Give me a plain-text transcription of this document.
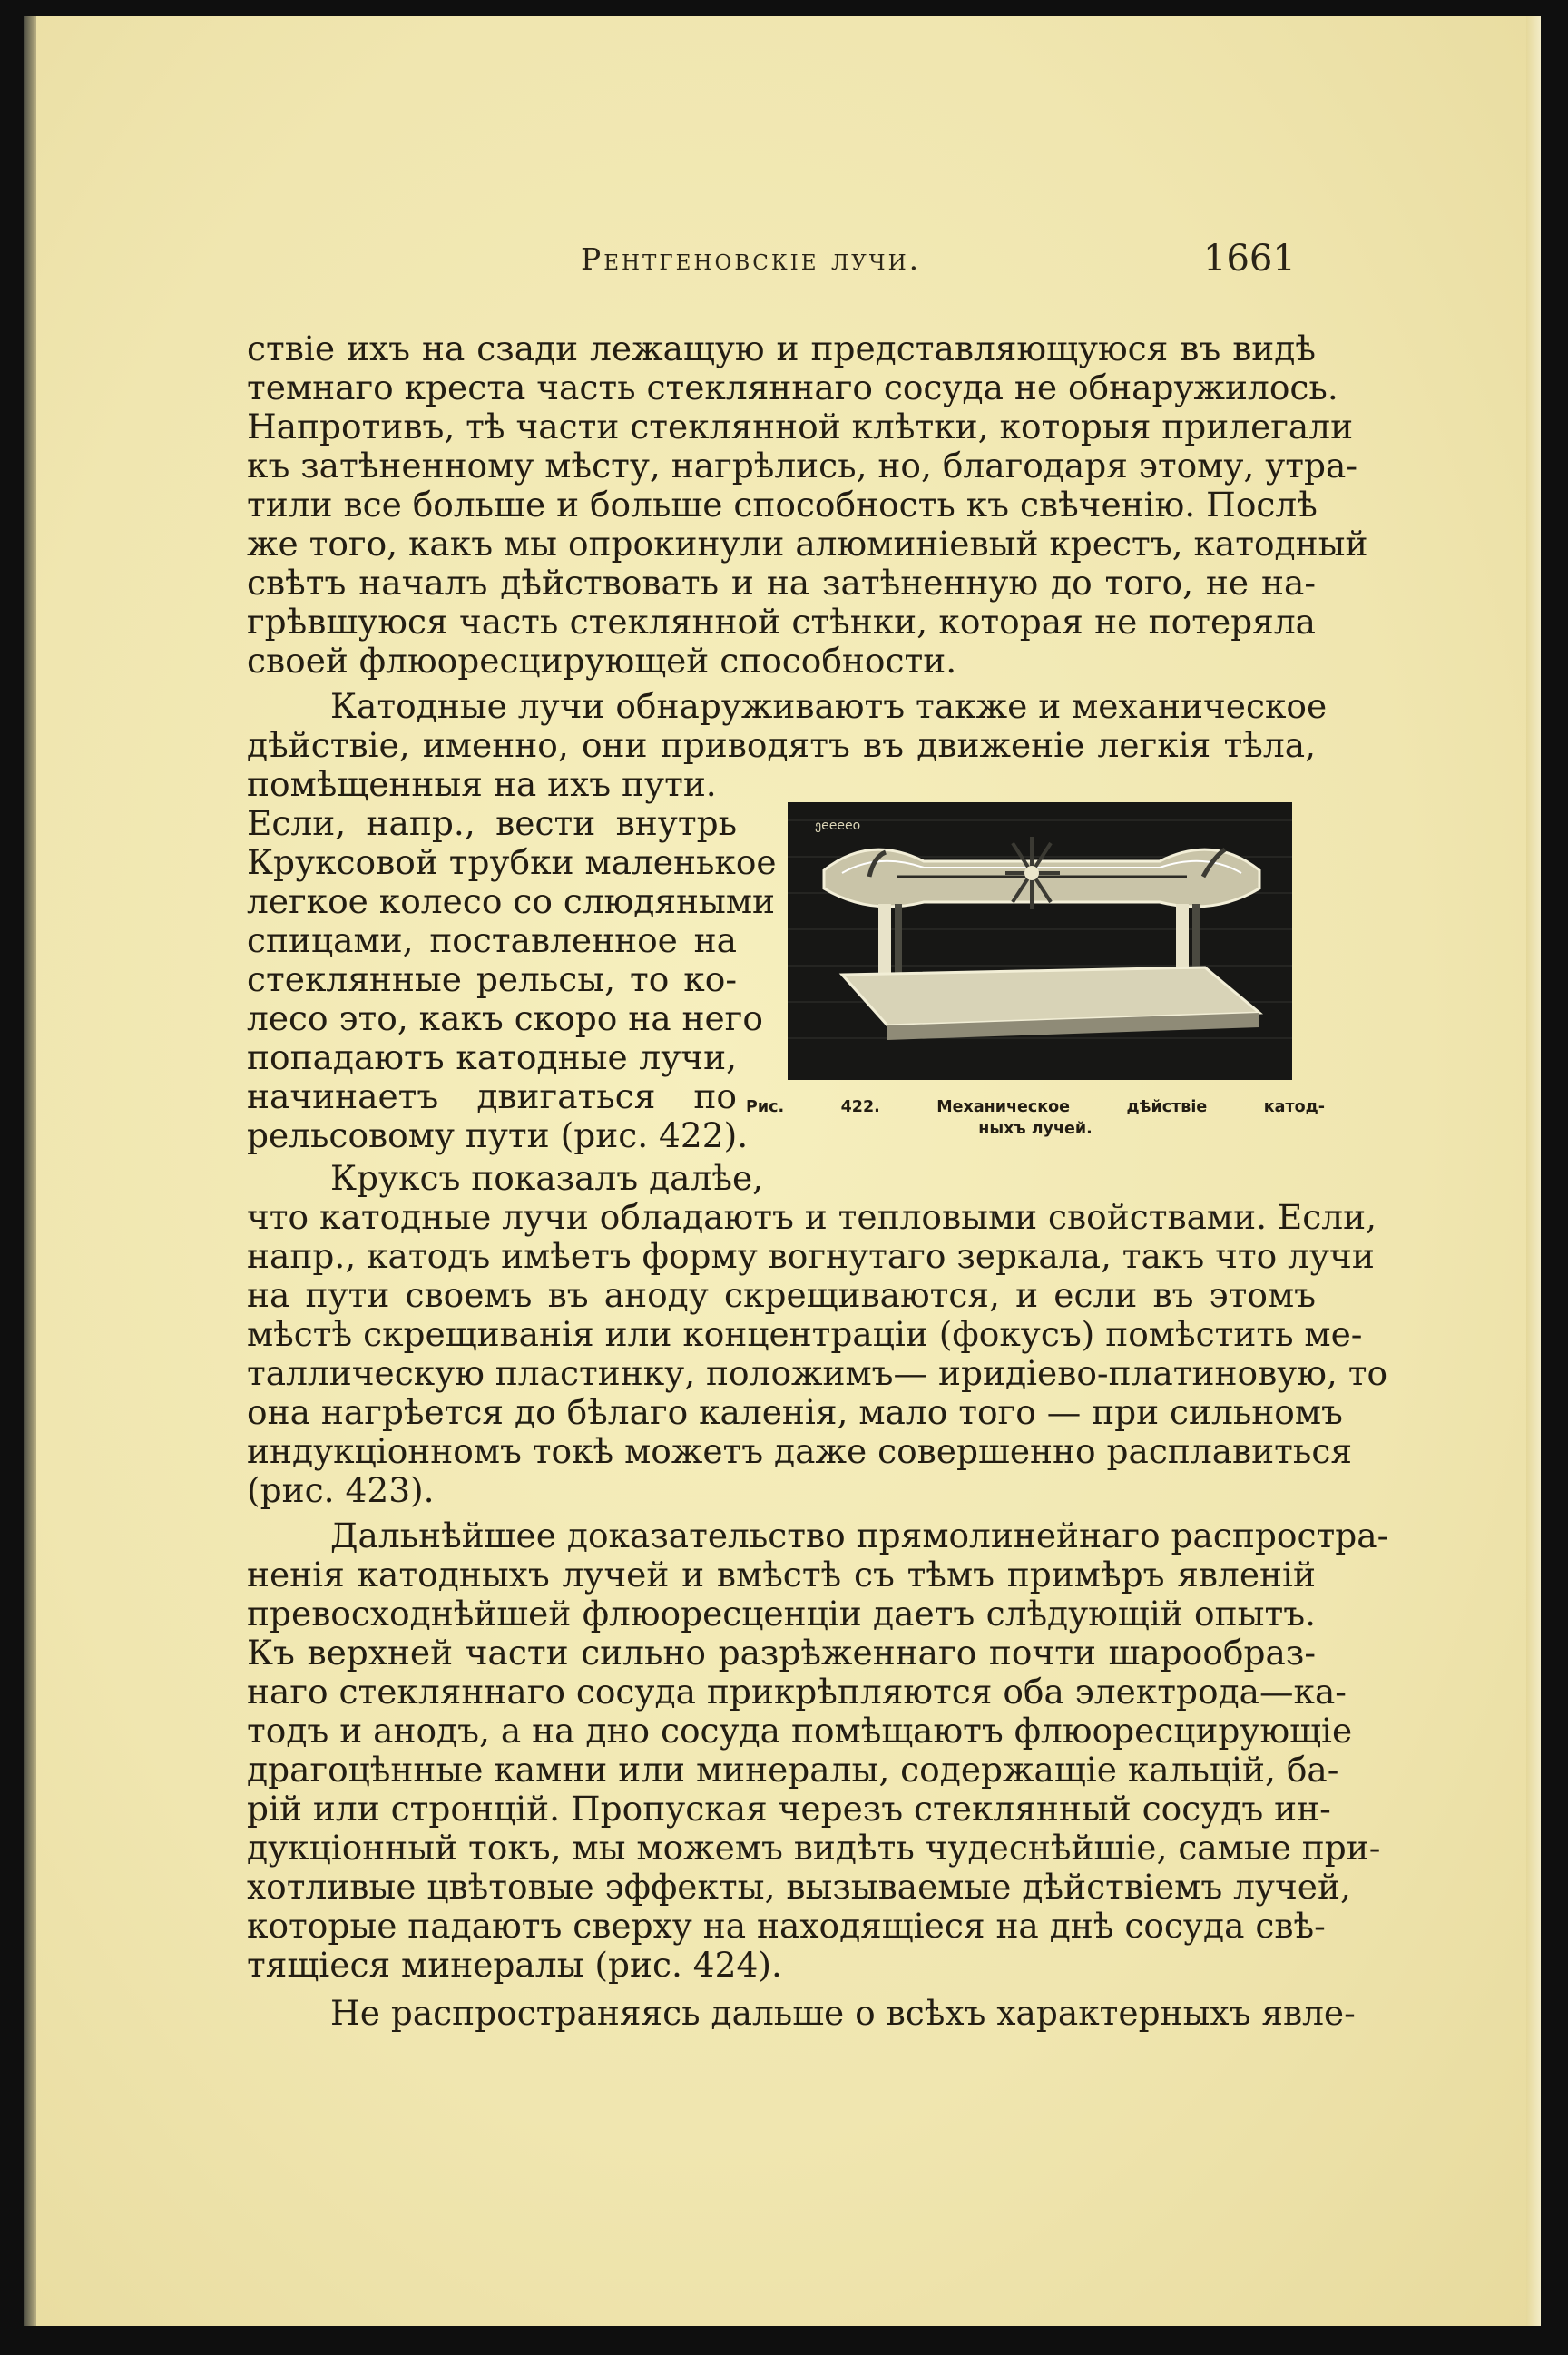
Рентгеновскіе лучи.	1661
ствіе ихъ на сзади лежащую и представляющуюся въ видѣ
темнаго креста часть стекляннаго сосуда не обнаружилось.
Напротивъ, тѣ части стеклянной клѣтки, которыя прилегали
къ затѣненному мѣсту, нагрѣлись, но, благодаря этому, утра-
тили все больше и больше способность къ свѣченію. Послѣ
же того, какъ мы опрокинули алюминіевый крестъ, катодный
свѣтъ началъ дѣйствовать и на затѣненную до того, не на-
грѣвшуюся часть стеклянной стѣнки, которая не потеряла
своей флюоресцирующей способности.
Катодные лучи обнаруживаютъ также и механическое
дѣйствіе, именно, они приводятъ въ движеніе легкія тѣла,
помѣщенныя на ихъ пути.
Если, напр., вести внутрь
Круксовой трубки маленькое
легкое колесо со слюдяными
спицами, поставленное на
стеклянные рельсы, то ко-
лесо это, какъ скоро на него
попадаютъ катодные лучи,
начинаетъ двигаться по
рельсовому пути (рис. 422).
ეeeeeo
Рис. 422. Механическое дѣйствіе катод-
ныхъ лучей.
Круксъ показалъ далѣе,
что катодные лучи обладаютъ и тепловыми свойствами. Если,
напр., катодъ имѣетъ форму вогнутаго зеркала, такъ что лучи
на пути своемъ въ аноду скрещиваются, и если въ этомъ
мѣстѣ скрещиванія или концентраціи (фокусъ) помѣстить ме-
таллическую пластинку, положимъ— иридіево-платиновую, то
она нагрѣется до бѣлаго каленія, мало того — при сильномъ
индукціонномъ токѣ можетъ даже совершенно расплавиться
(рис. 423).
Дальнѣйшее доказательство прямолинейнаго распростра-
ненія катодныхъ лучей и вмѣстѣ съ тѣмъ примѣръ явленій
превосходнѣйшей флюоресценціи даетъ слѣдующій опытъ.
Къ верхней части сильно разрѣженнаго почти шарообраз-
наго стекляннаго сосуда прикрѣпляются оба электрода—ка-
тодъ и анодъ, а на дно сосуда помѣщаютъ флюоресцирующіе
драгоцѣнные камни или минералы, содержащіе кальцій, ба-
рій или стронцій. Пропуская черезъ стеклянный сосудъ ин-
дукціонный токъ, мы можемъ видѣть чудеснѣйшіе, самые при-
хотливые цвѣтовые эффекты, вызываемые дѣйствіемъ лучей,
которые падаютъ сверху на находящіеся на днѣ сосуда свѣ-
тящіеся минералы (рис. 424).
Не распространяясь дальше о всѣхъ характерныхъ явле-
